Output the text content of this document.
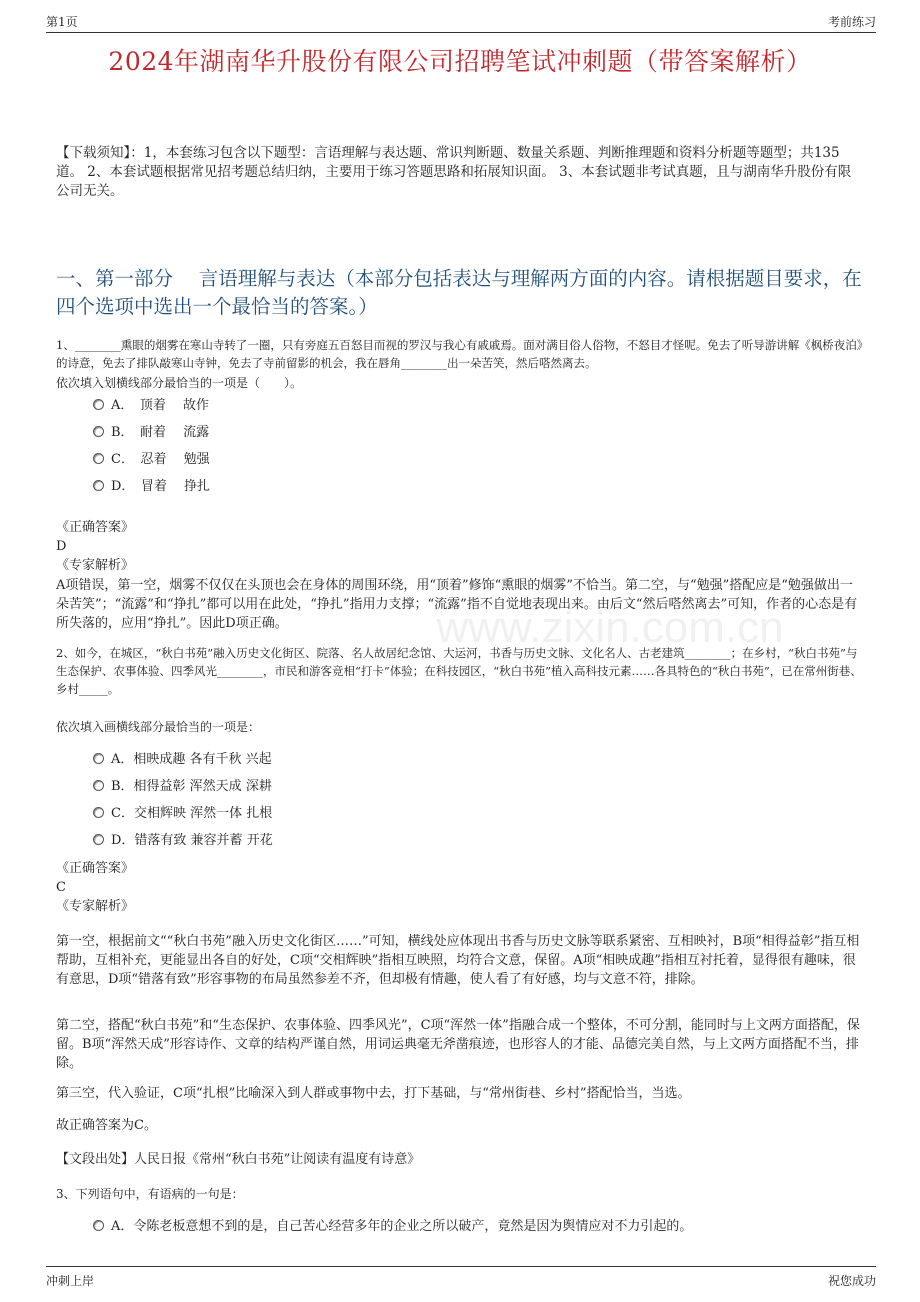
第1页	考前练习
2024年湖南华升股份有限公司招聘笔试冲刺题（带答案解析）
【下载须知】：1，本套练习包含以下题型：言语理解与表达题、常识判断题、数量关系题、判断推理题和资料分析题等题型；共135道。 2、本套试题根据常见招考题总结归纳，主要用于练习答题思路和拓展知识面。 3、本套试题非考试真题，且与湖南华升股份有限公司无关。
一、第一部分　 言语理解与表达（本部分包括表达与理解两方面的内容。请根据题目要求，在四个选项中选出一个最恰当的答案。）
1、________熏眼的烟雾在寒山寺转了一圈，只有旁庭五百怒目而视的罗汉与我心有戚戚焉。面对满目俗人俗物，不怒目才怪呢。免去了听导游讲解《枫桥夜泊》的诗意，免去了排队敲寒山寺钟，免去了寺前留影的机会，我在唇角________出一朵苦笑，然后嗒然离去。
依次填入划横线部分最恰当的一项是（　　）。
A．　顶着　 故作
B．　耐着　 流露
C．　忍着　 勉强
D．　冒着　 挣扎
《正确答案》
D
《专家解析》
A项错误，第一空，烟雾不仅仅在头顶也会在身体的周围环绕，用“顶着”修饰“熏眼的烟雾”不恰当。第二空，与“勉强”搭配应是“勉强做出一朵苦笑”；“流露”和“挣扎”都可以用在此处，“挣扎”指用力支撑；“流露”指不自觉地表现出来。由后文“然后嗒然离去”可知，作者的心态是有所失落的，应用“挣扎”。因此D项正确。
2、如今，在城区，“秋白书苑”融入历史文化街区、院落、名人故居纪念馆、大运河，书香与历史文脉、文化名人、古老建筑________；在乡村，“秋白书苑”与生态保护、农事体验、四季风光________，市民和游客竞相“打卡”体验；在科技园区，“秋白书苑”植入高科技元素……各具特色的“秋白书苑”，已在常州街巷、乡村_____。
依次填入画横线部分最恰当的一项是：
A．相映成趣 各有千秋 兴起
B．相得益彰 浑然天成 深耕
C．交相辉映 浑然一体 扎根
D．错落有致 兼容并蓄 开花
《正确答案》
C
《专家解析》
第一空，根据前文““秋白书苑”融入历史文化街区……”可知，横线处应体现出书香与历史文脉等联系紧密、互相映衬，B项“相得益彰”指互相帮助，互相补充，更能显出各自的好处，C项“交相辉映”指相互映照，均符合文意，保留。A项“相映成趣”指相互衬托着，显得很有趣味，很有意思，D项“错落有致”形容事物的布局虽然参差不齐，但却极有情趣，使人看了有好感，均与文意不符，排除。
第二空，搭配“秋白书苑”和“生态保护、农事体验、四季风光”，C项“浑然一体”指融合成一个整体，不可分割，能同时与上文两方面搭配，保留。B项“浑然天成”形容诗作、文章的结构严谨自然，用词运典毫无斧凿痕迹，也形容人的才能、品德完美自然，与上文两方面搭配不当，排除。
第三空，代入验证，C项“扎根”比喻深入到人群或事物中去，打下基础，与“常州街巷、乡村”搭配恰当，当选。
故正确答案为C。
【文段出处】人民日报《常州“秋白书苑”让阅读有温度有诗意》
3、下列语句中，有语病的一句是：
A．令陈老板意想不到的是，自己苦心经营多年的企业之所以破产，竟然是因为舆情应对不力引起的。
www.zixin.com.cn
冲刺上岸	祝您成功
